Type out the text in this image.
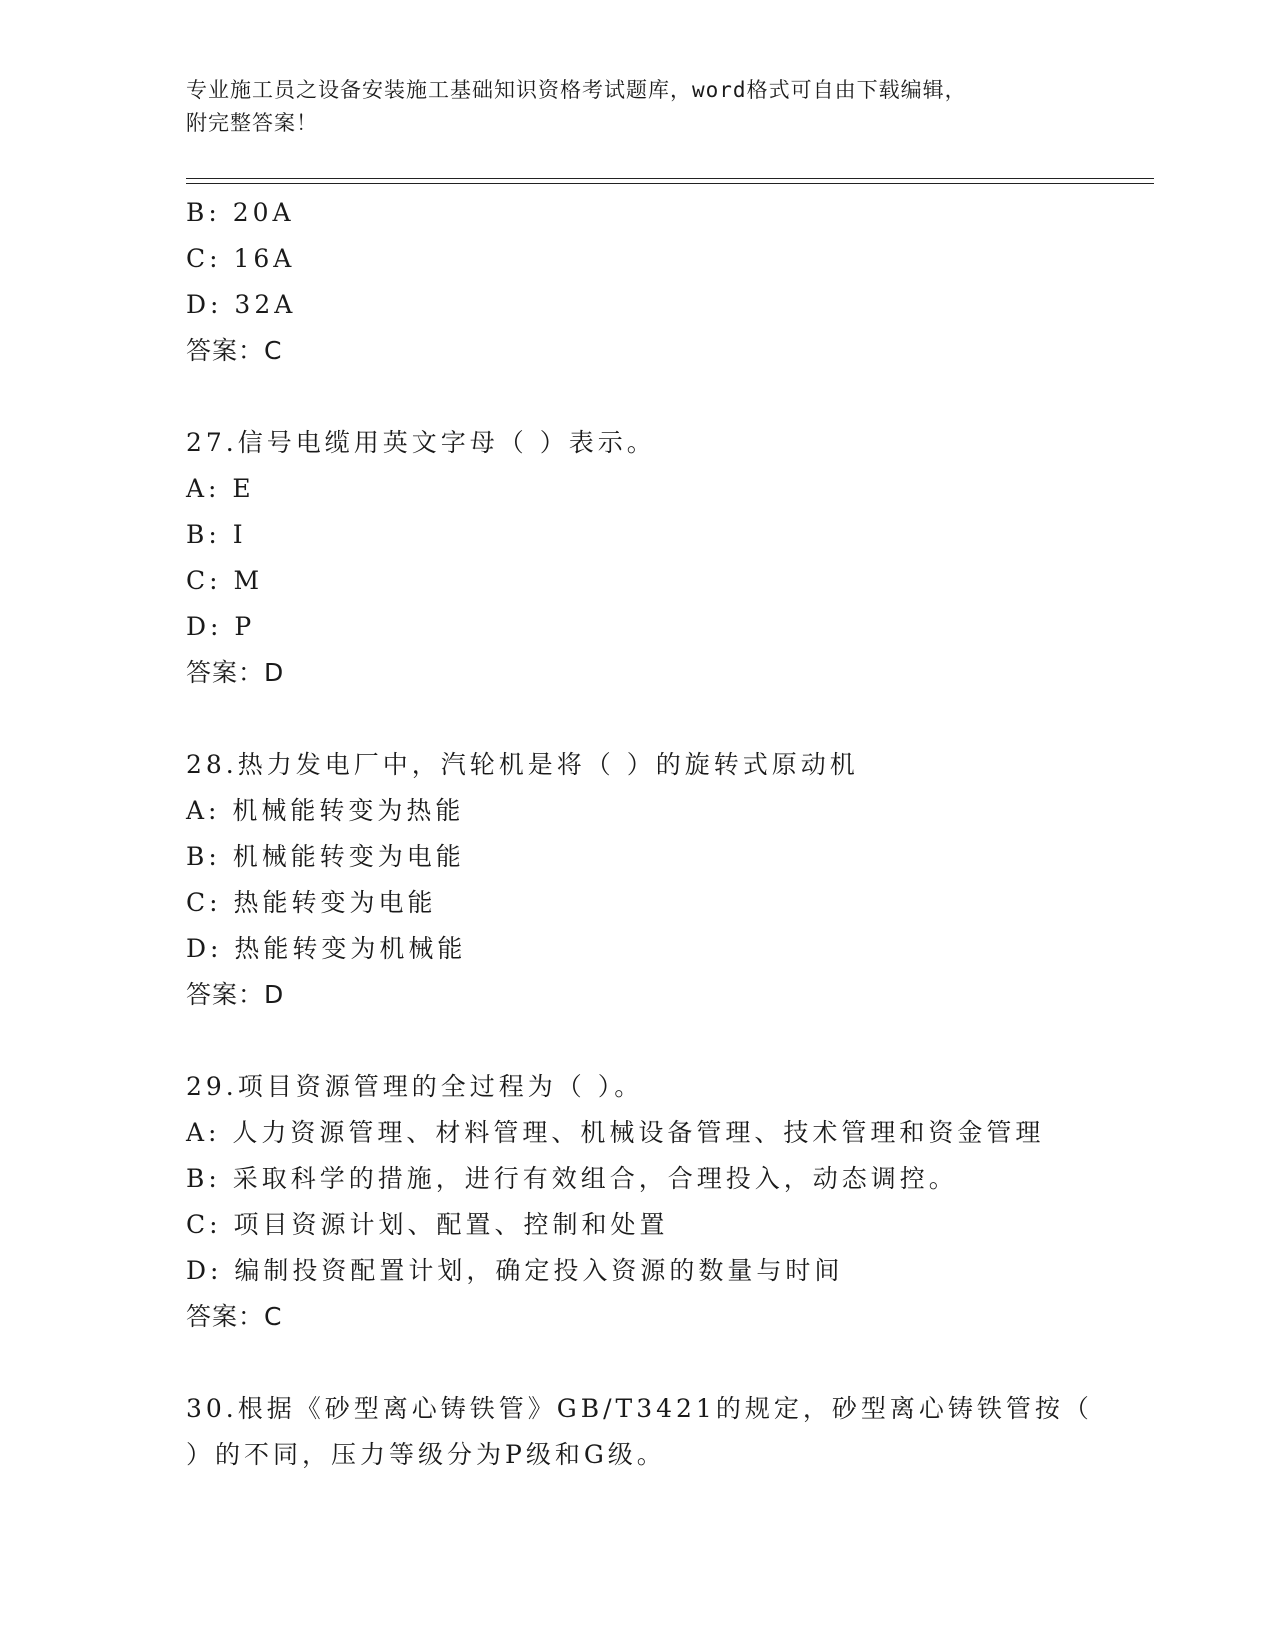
专业施工员之设备安装施工基础知识资格考试题库，word格式可自由下载编辑，
附完整答案！
B: 20A
C: 16A
D: 32A
答案：C
27.信号电缆用英文字母（ ）表示。
A: E
B: I
C: M
D: P
答案：D
28.热力发电厂中，汽轮机是将（ ）的旋转式原动机
A: 机械能转变为热能
B: 机械能转变为电能
C: 热能转变为电能
D: 热能转变为机械能
答案：D
29.项目资源管理的全过程为（ ）。
A: 人力资源管理、材料管理、机械设备管理、技术管理和资金管理
B: 采取科学的措施，进行有效组合，合理投入，动态调控。
C: 项目资源计划、配置、控制和处置
D: 编制投资配置计划，确定投入资源的数量与时间
答案：C
30.根据《砂型离心铸铁管》GB/T3421的规定，砂型离心铸铁管按（
）的不同，压力等级分为P级和G级。
